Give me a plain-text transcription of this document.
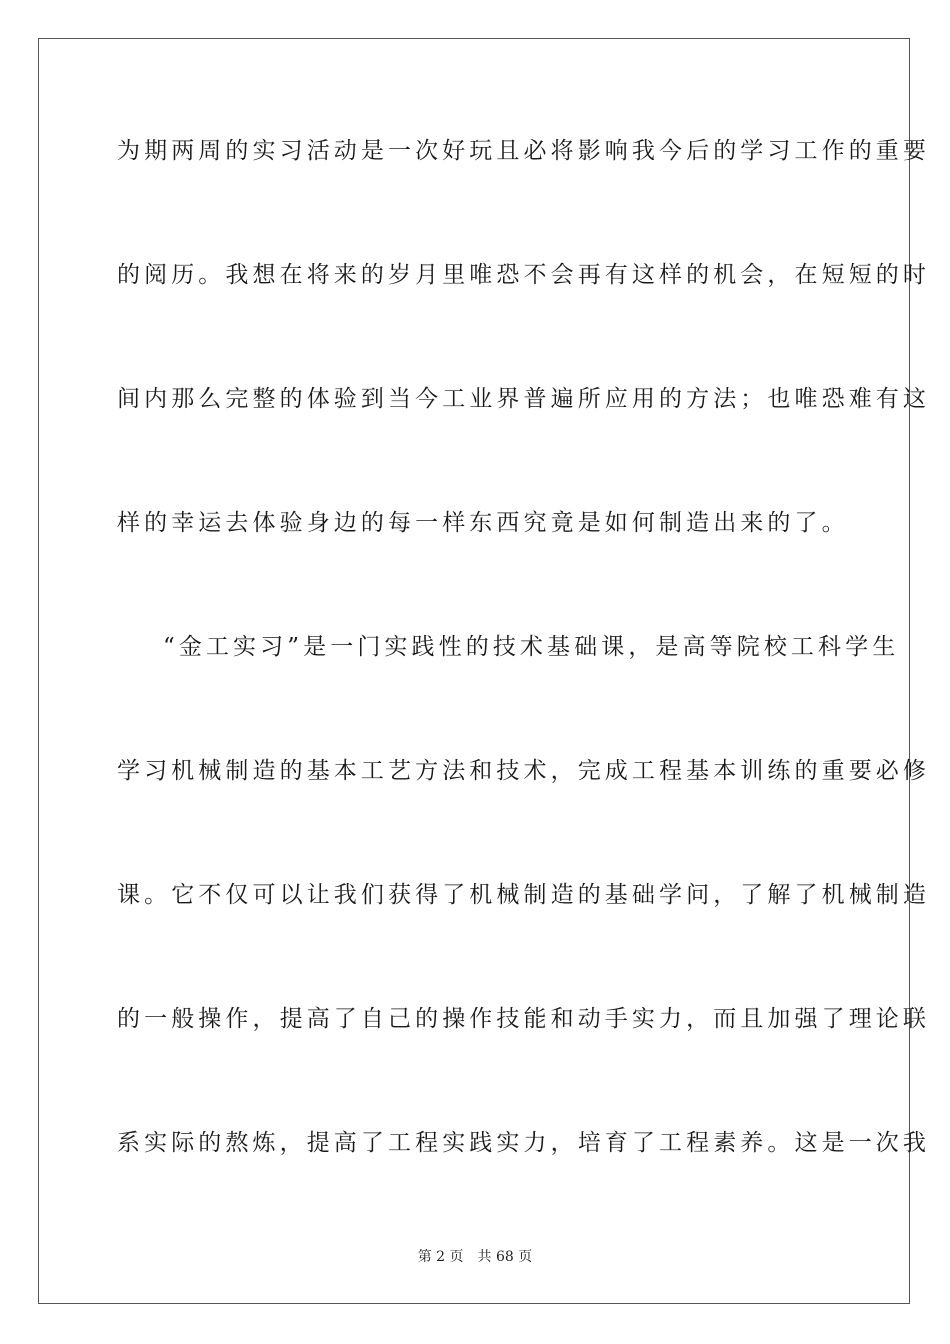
为期两周的实习活动是一次好玩且必将影响我今后的学习工作的重要
的阅历。我想在将来的岁月里唯恐不会再有这样的机会，在短短的时
间内那么完整的体验到当今工业界普遍所应用的方法；也唯恐难有这
样的幸运去体验身边的每一样东西究竟是如何制造出来的了。
“金工实习”是一门实践性的技术基础课，是高等院校工科学生
学习机械制造的基本工艺方法和技术，完成工程基本训练的重要必修
课。它不仅可以让我们获得了机械制造的基础学问，了解了机械制造
的一般操作，提高了自己的操作技能和动手实力，而且加强了理论联
系实际的熬炼，提高了工程实践实力，培育了工程素养。这是一次我
第 2 页 共 68 页
